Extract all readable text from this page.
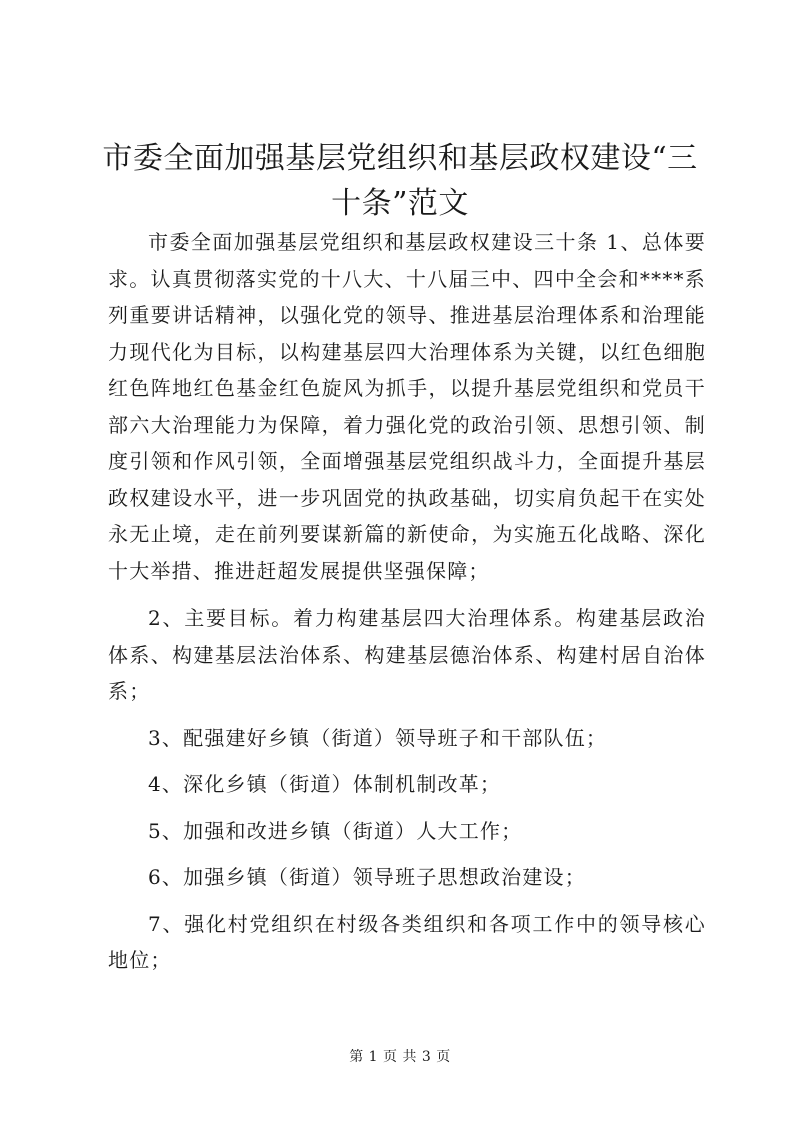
市委全面加强基层党组织和基层政权建设“三十条”范文

市委全面加强基层党组织和基层政权建设三十条 1、总体要求。认真贯彻落实党的十八大、十八届三中、四中全会和****系列重要讲话精神，以强化党的领导、推进基层治理体系和治理能力现代化为目标，以构建基层四大治理体系为关键，以红色细胞红色阵地红色基金红色旋风为抓手，以提升基层党组织和党员干部六大治理能力为保障，着力强化党的政治引领、思想引领、制度引领和作风引领，全面增强基层党组织战斗力，全面提升基层政权建设水平，进一步巩固党的执政基础，切实肩负起干在实处永无止境，走在前列要谋新篇的新使命，为实施五化战略、深化十大举措、推进赶超发展提供坚强保障；

2、主要目标。着力构建基层四大治理体系。构建基层政治体系、构建基层法治体系、构建基层德治体系、构建村居自治体系；

3、配强建好乡镇（街道）领导班子和干部队伍；

4、深化乡镇（街道）体制机制改革；

5、加强和改进乡镇（街道）人大工作；

6、加强乡镇（街道）领导班子思想政治建设；

7、强化村党组织在村级各类组织和各项工作中的领导核心地位；

第 1 页 共 3 页
